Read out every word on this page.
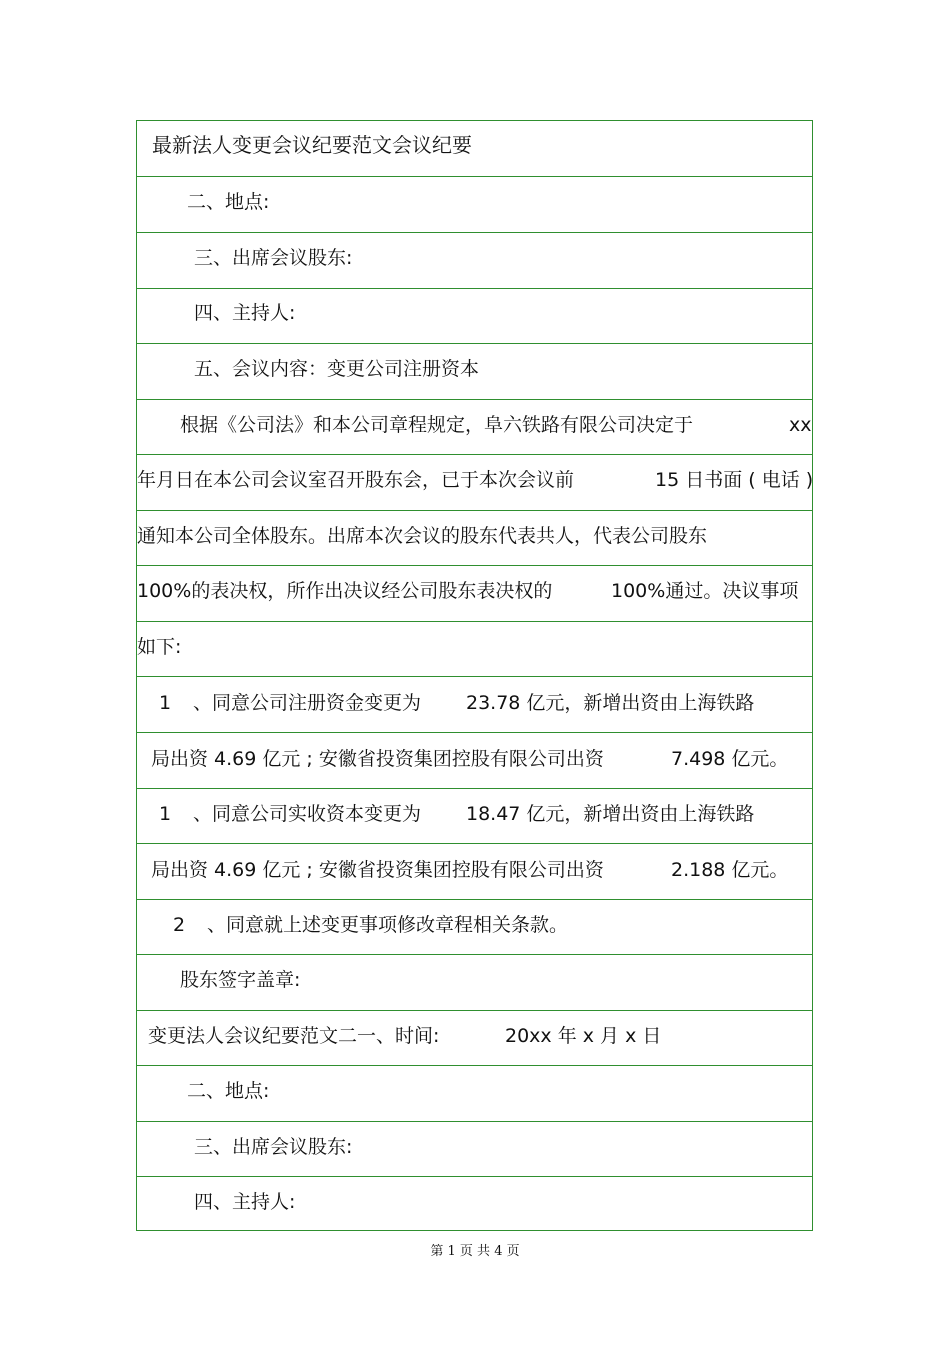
最新法人变更会议纪要范文会议纪要
二、地点:
三、出席会议股东:
四、主持人:
五、会议内容：变更公司注册资本
根据《公司法》和本公司章程规定，阜六铁路有限公司决定于	xx
年月日在本公司会议室召开股东会，已于本次会议前	15 日书面 ( 电话 )
通知本公司全体股东。出席本次会议的股东代表共人，代表公司股东
100%的表决权，所作出决议经公司股东表决权的	100%通过。决议事项
如下:
1 、同意公司注册资金变更为 23.78 亿元，新增出资由上海铁路
局出资 4.69 亿元 ; 安徽省投资集团控股有限公司出资	7.498 亿元。
1 、同意公司实收资本变更为 18.47 亿元，新增出资由上海铁路
局出资 4.69 亿元 ; 安徽省投资集团控股有限公司出资	2.188 亿元。
2 、同意就上述变更事项修改章程相关条款。
股东签字盖章:
变更法人会议纪要范文二一、时间:	20xx 年 x 月 x 日
二、地点:
三、出席会议股东:
四、主持人:
第 1 页 共 4 页
